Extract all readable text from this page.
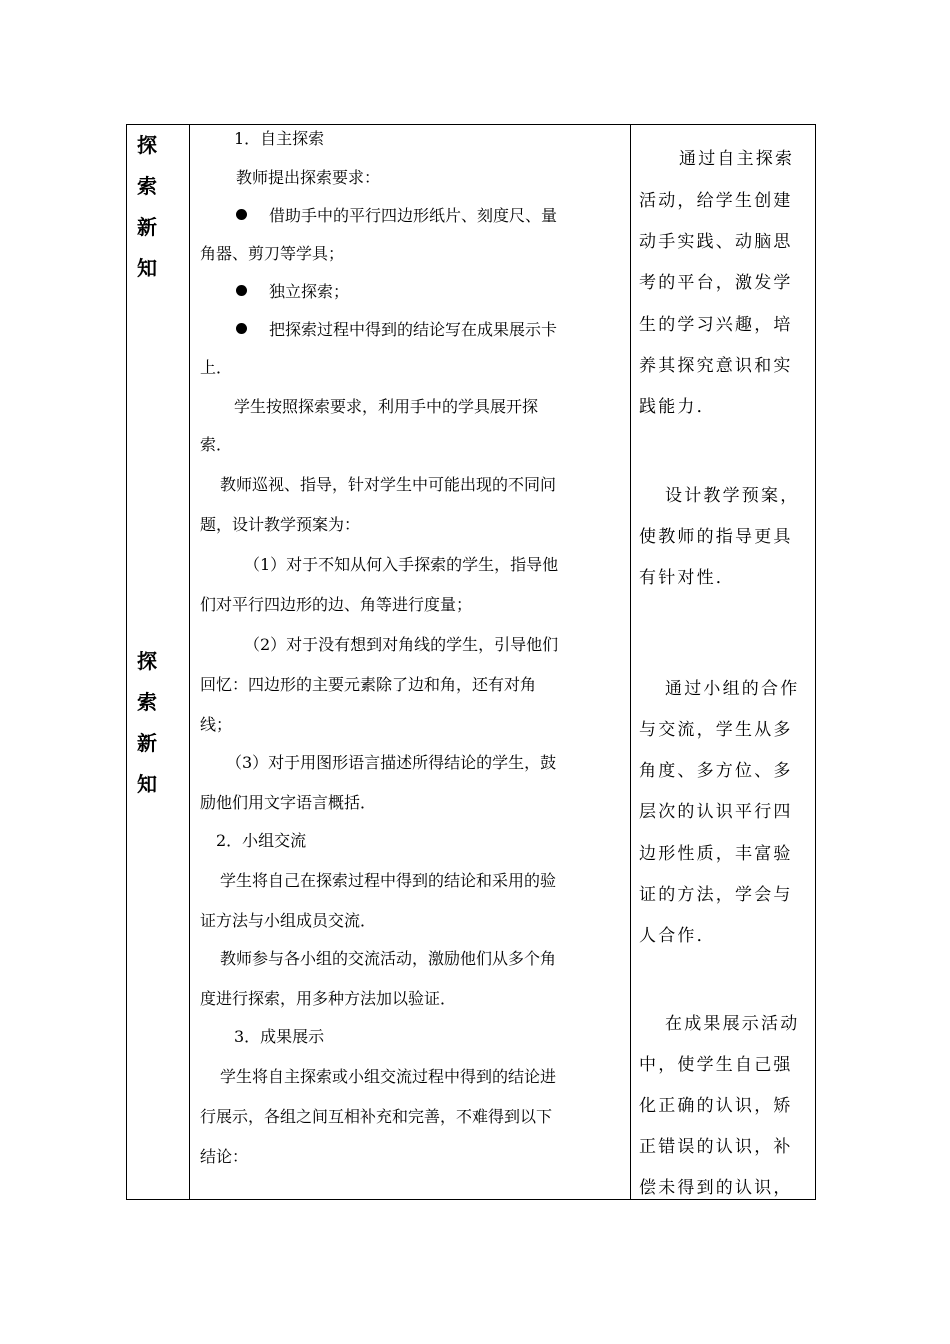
探
索
新
知
探
索
新
知
1．自主探索
教师提出探索要求：
借助手中的平行四边形纸片、刻度尺、量
角器、剪刀等学具；
独立探索；
把探索过程中得到的结论写在成果展示卡
上．
学生按照探索要求，利用手中的学具展开探
索．
教师巡视、指导，针对学生中可能出现的不同问
题，设计教学预案为：
（1）对于不知从何入手探索的学生，指导他
们对平行四边形的边、角等进行度量；
（2）对于没有想到对角线的学生，引导他们
回忆：四边形的主要元素除了边和角，还有对角
线；
（3）对于用图形语言描述所得结论的学生，鼓
励他们用文字语言概括．
2．小组交流
学生将自己在探索过程中得到的结论和采用的验
证方法与小组成员交流．
教师参与各小组的交流活动，激励他们从多个角
度进行探索，用多种方法加以验证．
3．成果展示
学生将自主探索或小组交流过程中得到的结论进
行展示，各组之间互相补充和完善，不难得到以下
结论：
通过自主探索
活动，给学生创建
动手实践、动脑思
考的平台，激发学
生的学习兴趣，培
养其探究意识和实
践能力．
设计教学预案，
使教师的指导更具
有针对性．
通过小组的合作
与交流，学生从多
角度、多方位、多
层次的认识平行四
边形性质，丰富验
证的方法，学会与
人合作．
在成果展示活动
中，使学生自己强
化正确的认识，矫
正错误的认识，补
偿未得到的认识，
